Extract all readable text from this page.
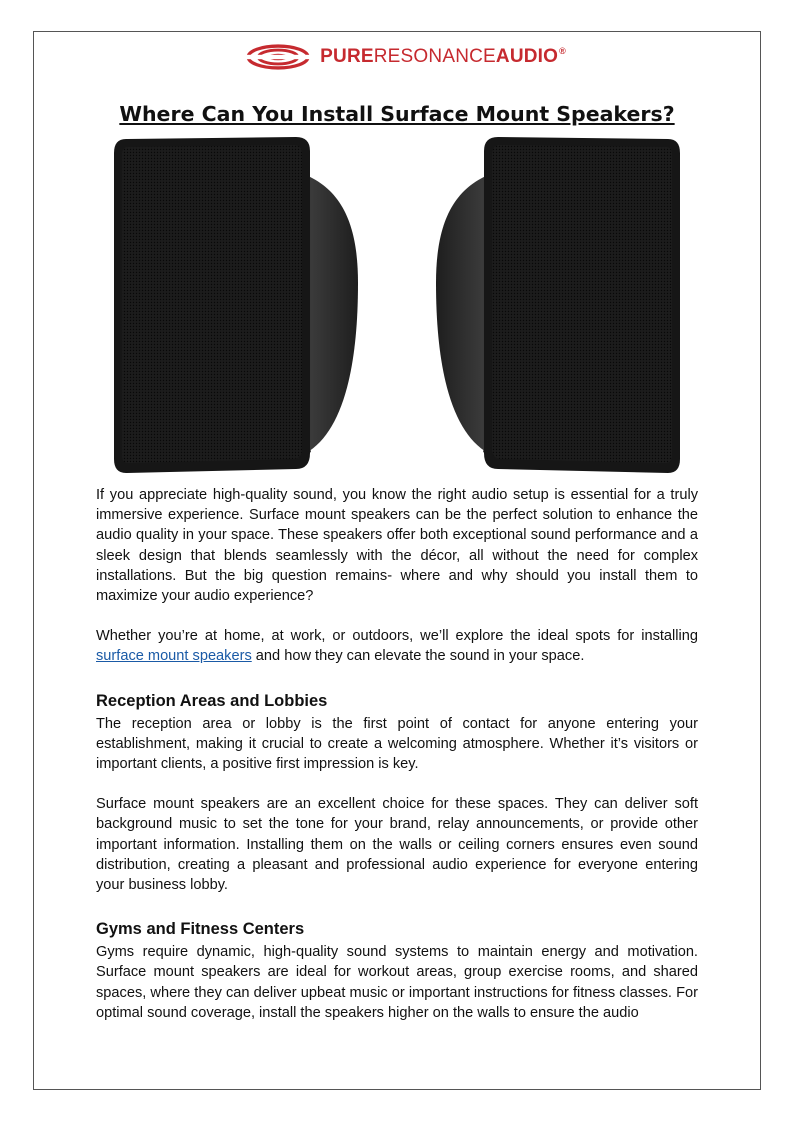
PURERESONANCEAUDIO®
Where Can You Install Surface Mount Speakers?

If you appreciate high-quality sound, you know the right audio setup is essential for a truly immersive experience. Surface mount speakers can be the perfect solution to enhance the audio quality in your space. These speakers offer both exceptional sound performance and a sleek design that blends seamlessly with the décor, all without the need for complex installations. But the big question remains- where and why should you install them to maximize your audio experience?

Whether you’re at home, at work, or outdoors, we’ll explore the ideal spots for installing surface mount speakers and how they can elevate the sound in your space.

Reception Areas and Lobbies

The reception area or lobby is the first point of contact for anyone entering your establishment, making it crucial to create a welcoming atmosphere. Whether it’s visitors or important clients, a positive first impression is key.

Surface mount speakers are an excellent choice for these spaces. They can deliver soft background music to set the tone for your brand, relay announcements, or provide other important information. Installing them on the walls or ceiling corners ensures even sound distribution, creating a pleasant and professional audio experience for everyone entering your business lobby.

Gyms and Fitness Centers

Gyms require dynamic, high-quality sound systems to maintain energy and motivation. Surface mount speakers are ideal for workout areas, group exercise rooms, and shared spaces, where they can deliver upbeat music or important instructions for fitness classes. For optimal sound coverage, install the speakers higher on the walls to ensure the audio
